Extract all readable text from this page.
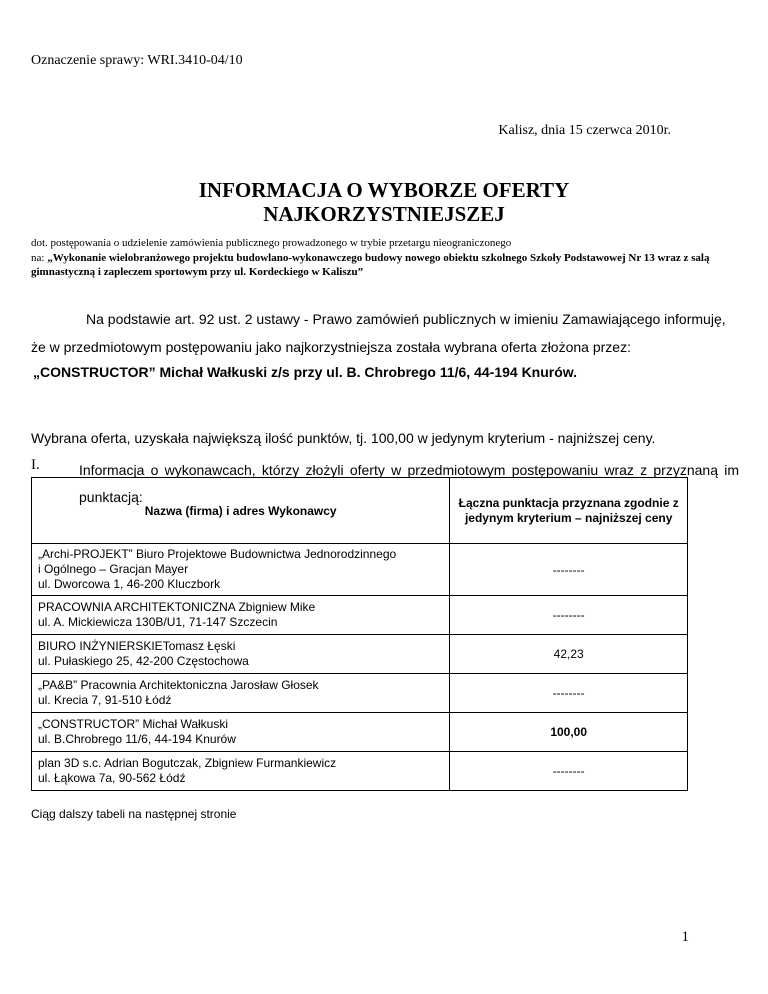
Oznaczenie sprawy: WRI.3410-04/10
Kalisz, dnia 15 czerwca 2010r.
INFORMACJA O WYBORZE OFERTY
NAJKORZYSTNIEJSZEJ
dot. postępowania o udzielenie zamówienia publicznego prowadzonego w trybie przetargu nieograniczonego
na: „Wykonanie wielobranżowego projektu budowlano-wykonawczego budowy nowego obiektu szkolnego Szkoły Podstawowej Nr 13 wraz z salą gimnastyczną i zapleczem sportowym przy ul. Kordeckiego w Kaliszu”
Na podstawie art. 92 ust. 2 ustawy - Prawo zamówień publicznych w imieniu Zamawiającego informuję,
że w przedmiotowym postępowaniu jako najkorzystniejsza została wybrana oferta złożona przez:
„CONSTRUCTOR” Michał Wałkuski z/s przy ul. B. Chrobrego 11/6, 44-194 Knurów.
Wybrana oferta, uzyskała największą ilość punktów, tj. 100,00 w jedynym kryterium - najniższej ceny.
I.	Informacja o wykonawcach, którzy złożyli oferty w przedmiotowym postępowaniu wraz z przyznaną im punktacją:
Nazwa (firma) i adres Wykonawcy	Łączna punktacja przyznana zgodnie z jedynym kryterium – najniższej ceny

„Archi-PROJEKT” Biuro Projektowe Budownictwa Jednorodzinnego
i Ogólnego – Gracjan Mayer
ul. Dworcowa 1, 46-200 Kluczbork	--------

PRACOWNIA ARCHITEKTONICZNA Zbigniew Mike
ul. A. Mickiewicza 130B/U1, 71-147 Szczecin	--------

BIURO INŻYNIERSKIETomasz Łęski
ul. Pułaskiego 25, 42-200 Częstochowa	42,23

„PA&B” Pracownia Architektoniczna Jarosław Głosek
ul. Krecia 7, 91-510 Łódź	--------

„CONSTRUCTOR” Michał Wałkuski
ul. B.Chrobrego 11/6, 44-194 Knurów	100,00

plan 3D s.c. Adrian Bogutczak, Zbigniew Furmankiewicz
ul. Łąkowa 7a, 90-562 Łódź	--------
Ciąg dalszy tabeli na następnej stronie
1
